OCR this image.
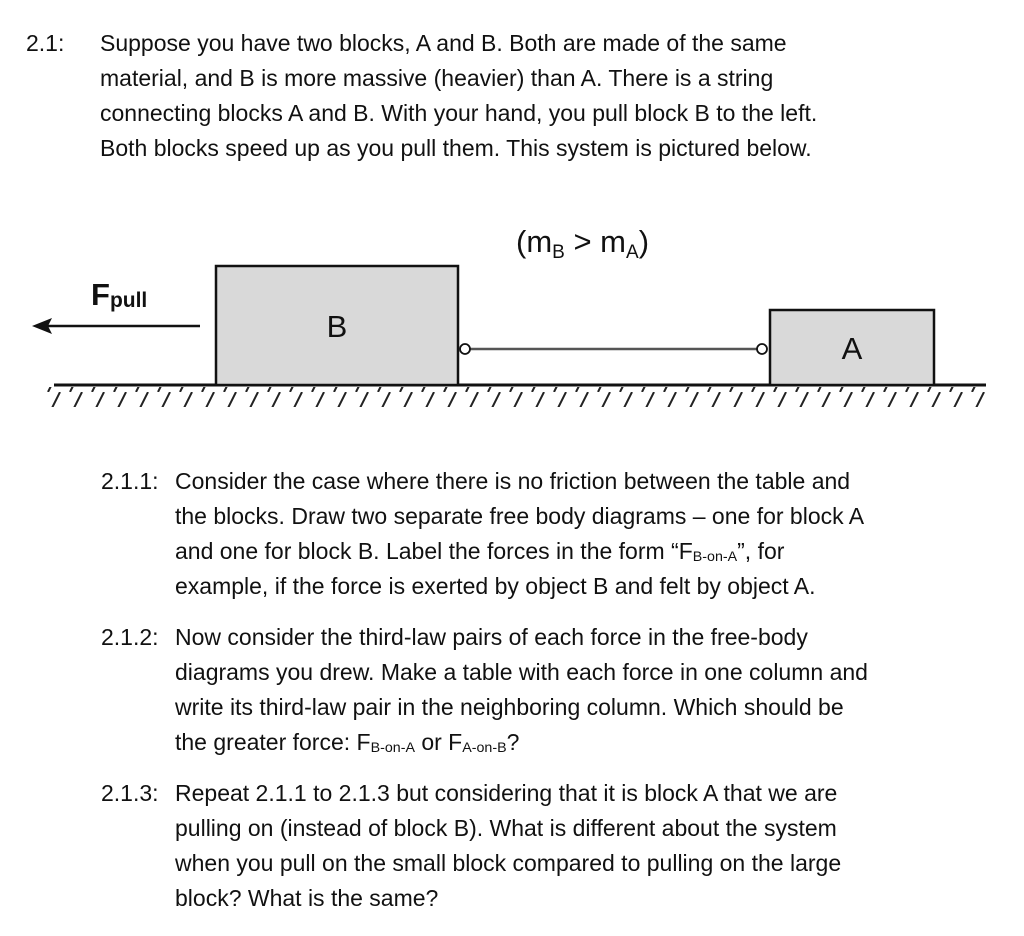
2.1: Suppose you have two blocks, A and B. Both are made of the same
material, and B is more massive (heavier) than A. There is a string
connecting blocks A and B. With your hand, you pull block B to the left.
Both blocks speed up as you pull them. This system is pictured below.
(mB > mA)
Fpull
B
A
2.1.1: Consider the case where there is no friction between the table and
the blocks. Draw two separate free body diagrams – one for block A
and one for block B. Label the forces in the form “FB-on-A”, for
example, if the force is exerted by object B and felt by object A.
2.1.2: Now consider the third-law pairs of each force in the free-body
diagrams you drew. Make a table with each force in one column and
write its third-law pair in the neighboring column. Which should be
the greater force: FB-on-A or FA-on-B?
2.1.3: Repeat 2.1.1 to 2.1.3 but considering that it is block A that we are
pulling on (instead of block B). What is different about the system
when you pull on the small block compared to pulling on the large
block? What is the same?
